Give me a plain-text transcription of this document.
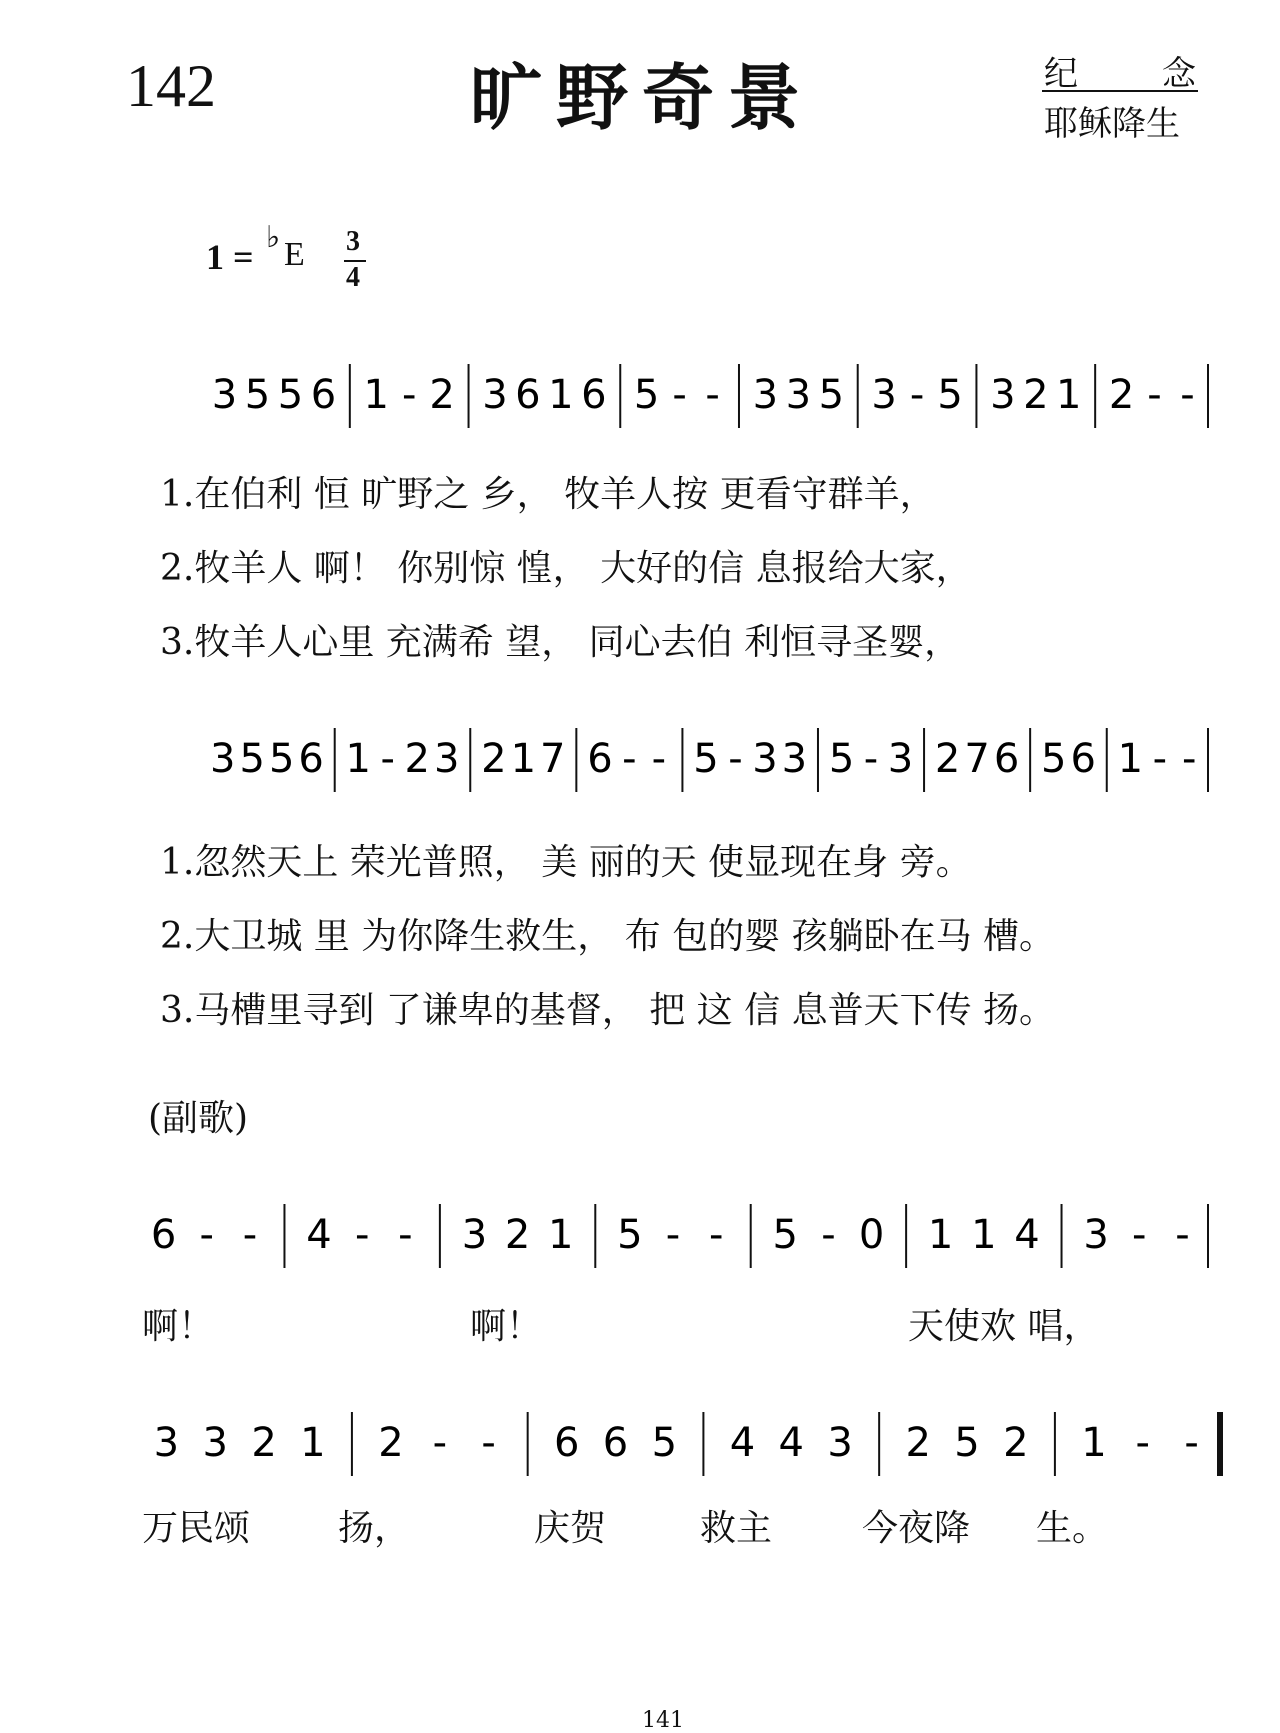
142	旷野奇景	纪 念
耶稣降生
1 = ♭ E 3
4
3 5 5 6 1 - 2 3 6 1 6 5 - - 3 3 5 3 - 5 3 2 1 2 - -
3 5 5 6 1 - 2 3 2 1 7 6 - - 5 - 3 3 5 - 3 2 7 6 5 6 1 - -
6 - - 4 - - 3 2 1 5 - - 5 - 0 1 1 4 3 - -
3 3 2 1 2 - - 6 6 5 4 4 3 2 5 2 1 - -
1.在伯利 恒 旷野之 乡， 牧羊人按 更看守群羊，
2.牧羊人 啊！ 你别惊 惶， 大好的信 息报给大家，
3.牧羊人心里 充满希 望， 同心去伯 利恒寻圣婴，
1.忽然天上 荣光普照， 美 丽的天 使显现在身 旁。
2.大卫城 里 为你降生救生， 布 包的婴 孩躺卧在马 槽。
3.马槽里寻到 了谦卑的基督， 把 这 信 息普天下传 扬。
(副歌)
啊！	啊！	天使欢 唱，
万民颂 扬，	庆贺	救主 今夜降 生。
141
